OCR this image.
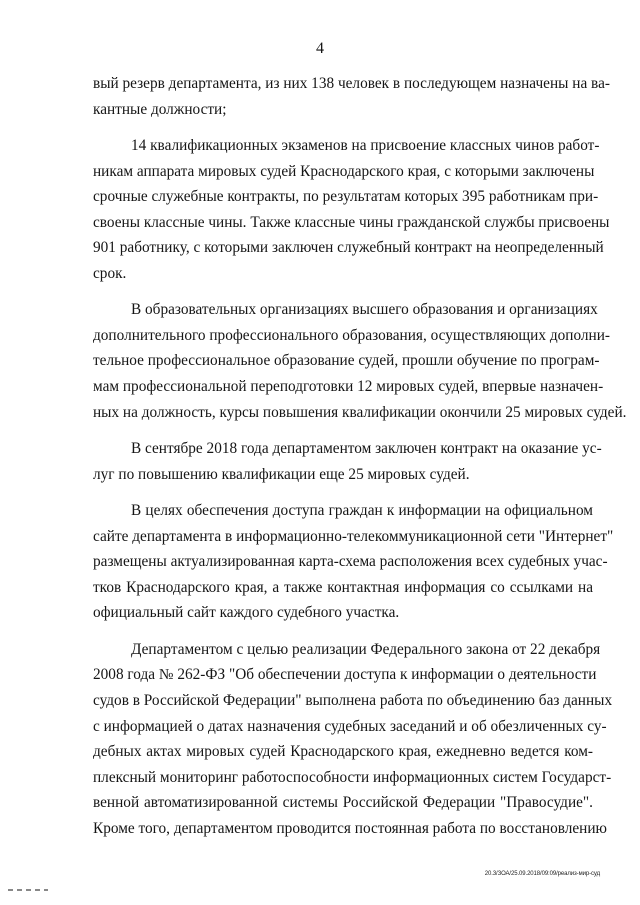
4
вый резерв департамента, из них 138 человек в последующем назначены на ва-
кантные должности;
14 квалификационных экзаменов на присвоение классных чинов работ-
никам аппарата мировых судей Краснодарского края, с которыми заключены
срочные служебные контракты, по результатам которых 395 работникам при-
своены классные чины. Также классные чины гражданской службы присвоены
901 работнику, с которыми заключен служебный контракт на неопределенный
срок.
В образовательных организациях высшего образования и организациях
дополнительного профессионального образования, осуществляющих дополни-
тельное профессиональное образование судей, прошли обучение по програм-
мам профессиональной переподготовки 12 мировых судей, впервые назначен-
ных на должность, курсы повышения квалификации окончили 25 мировых судей.
В сентябре 2018 года департаментом заключен контракт на оказание ус-
луг по повышению квалификации еще 25 мировых судей.
В целях обеспечения доступа граждан к информации на официальном
сайте департамента в информационно-телекоммуникационной сети "Интернет"
размещены актуализированная карта-схема расположения всех судебных учас-
тков Краснодарского края, а также контактная информация со ссылками на
официальный сайт каждого судебного участка.
Департаментом с целью реализации Федерального закона от 22 декабря
2008 года № 262-ФЗ "Об обеспечении доступа к информации о деятельности
судов в Российской Федерации" выполнена работа по объединению баз данных
с информацией о датах назначения судебных заседаний и об обезличенных су-
дебных актах мировых судей Краснодарского края, ежедневно ведется ком-
плексный мониторинг работоспособности информационных систем Государст-
венной автоматизированной системы Российской Федерации "Правосудие".
Кроме того, департаментом проводится постоянная работа по восстановлению
20.3/ЗОА/25.09.2018/09:09/реализ-мир-суд
